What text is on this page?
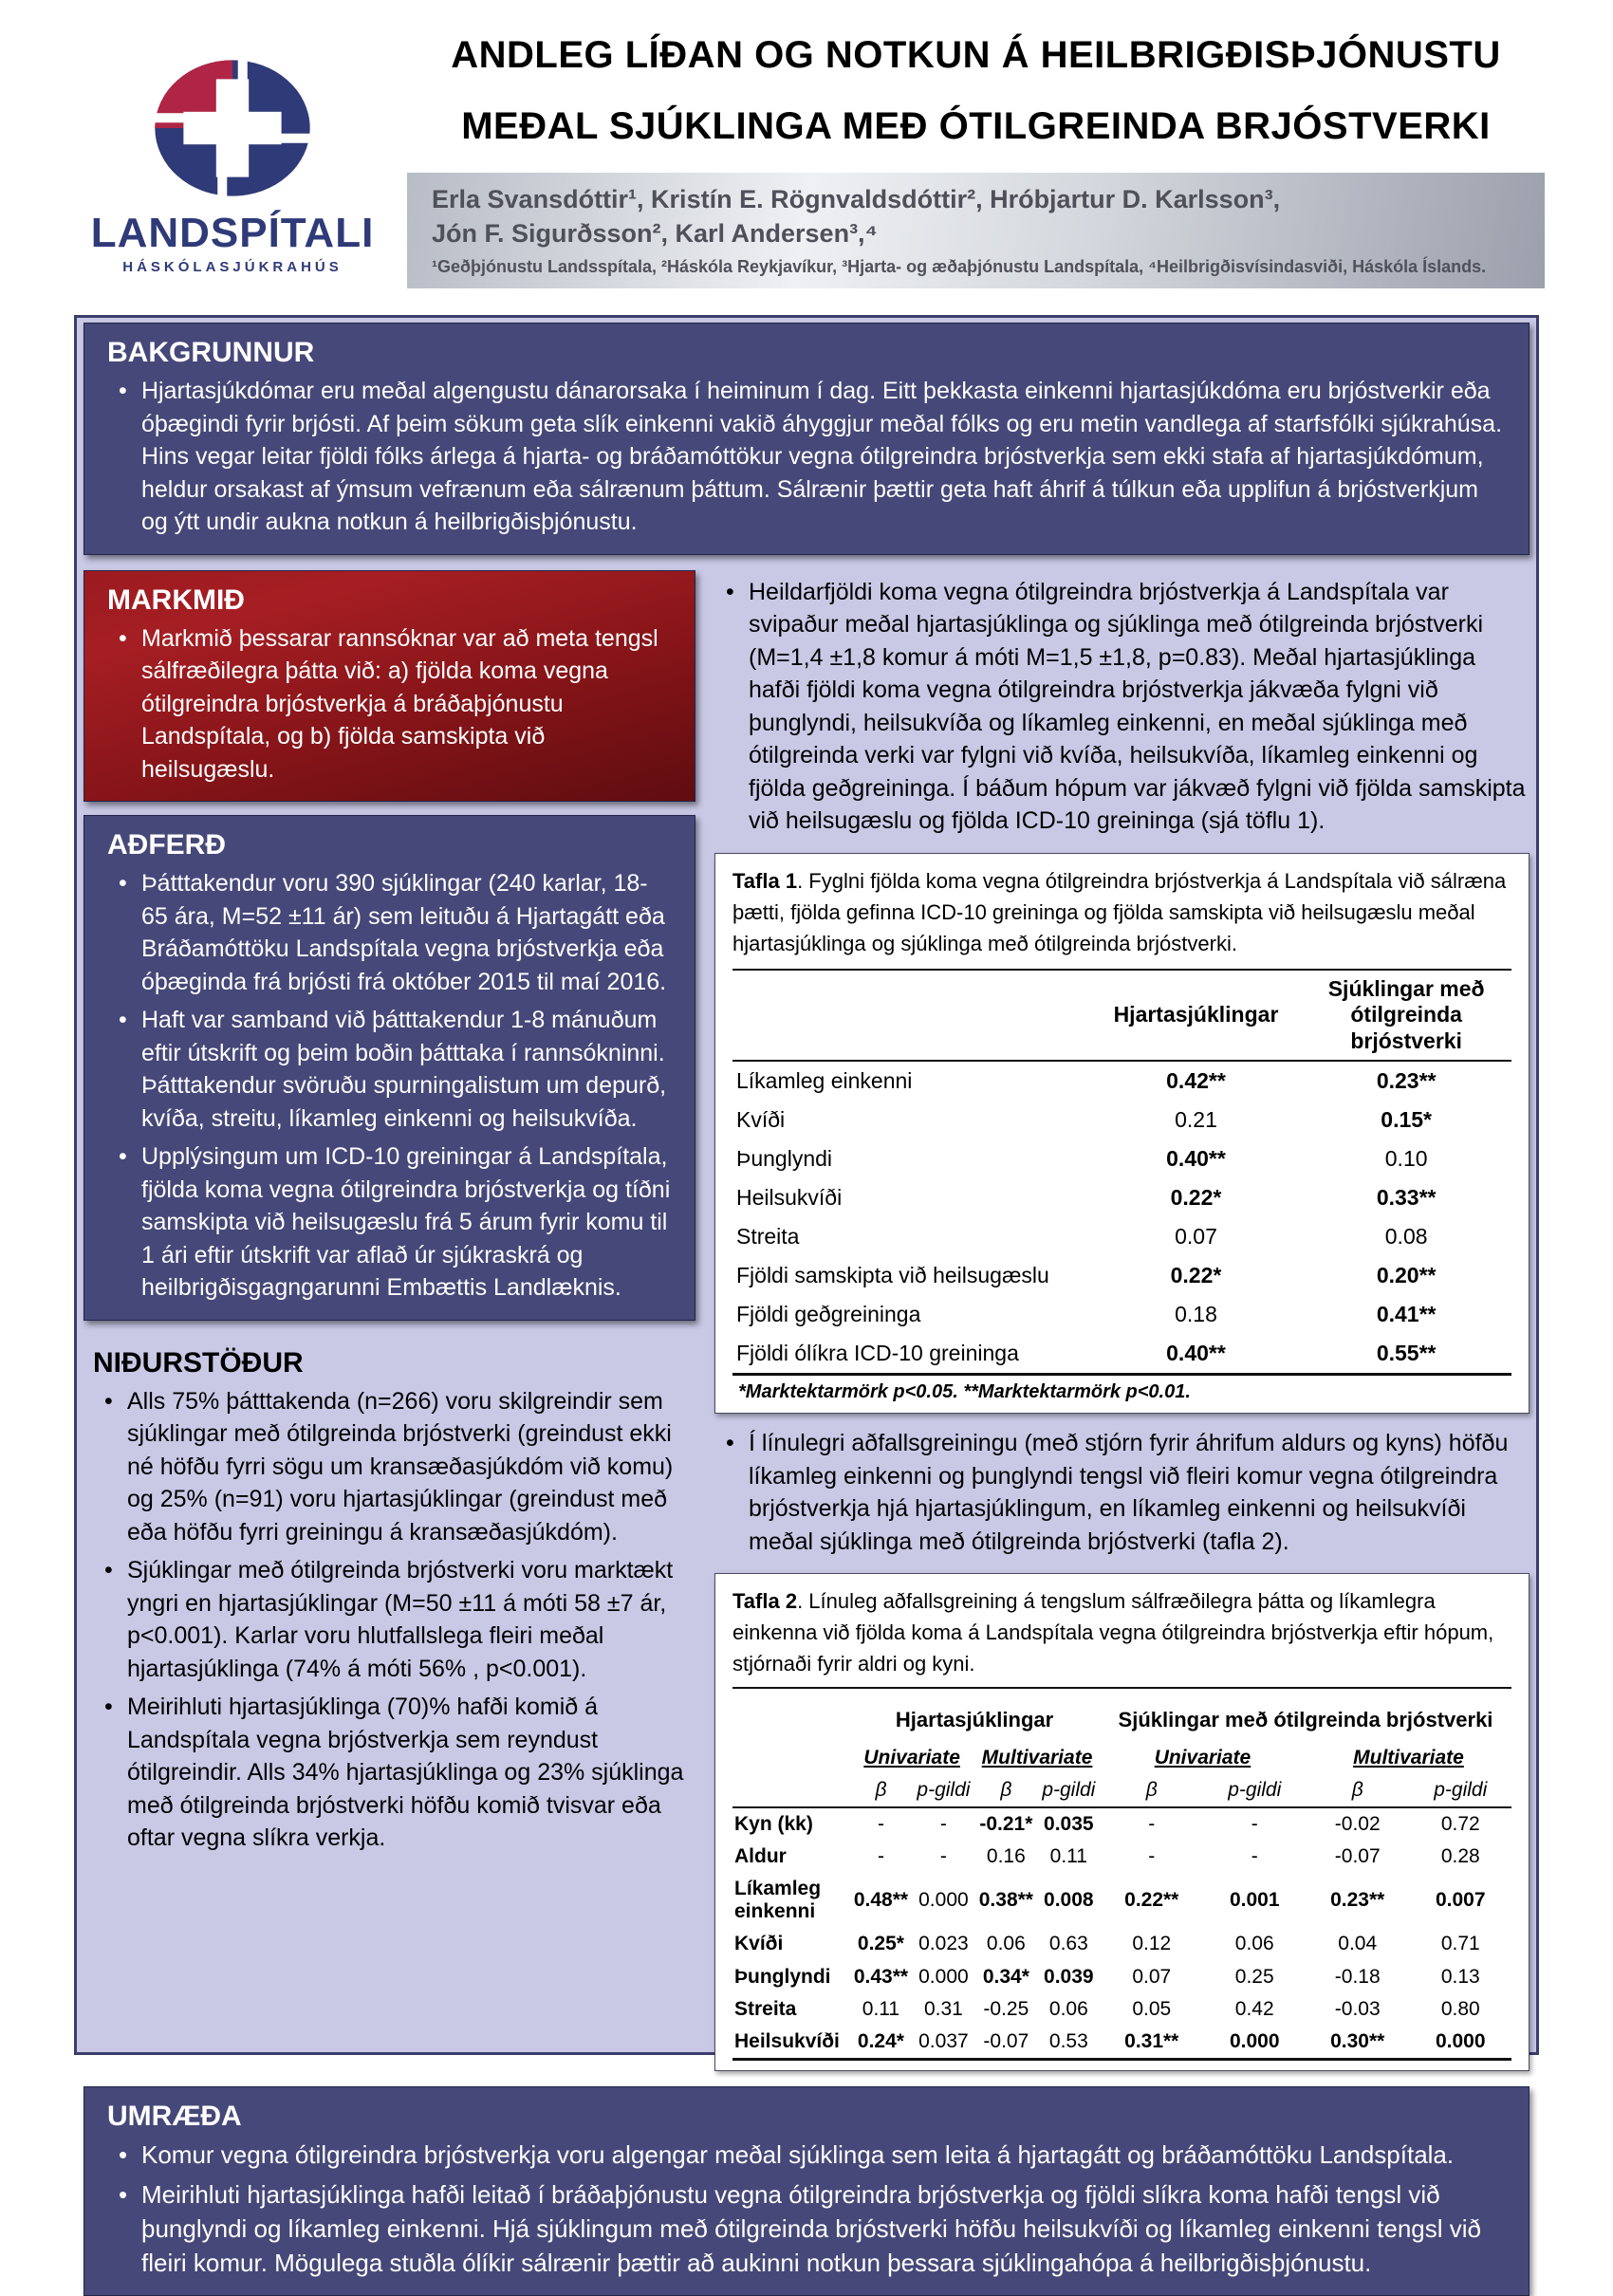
LANDSPÍTALI
HÁSKÓLASJÚKRAHÚS
ANDLEG LÍÐAN OG NOTKUN Á HEILBRIGÐISÞJÓNUSTU
MEÐAL SJÚKLINGA MEÐ ÓTILGREINDA BRJÓSTVERKI
Erla Svansdóttir¹, Kristín E. Rögnvaldsdóttir², Hróbjartur D. Karlsson³,
Jón F. Sigurðsson², Karl Andersen³,⁴
¹Geðþjónustu Landsspítala, ²Háskóla Reykjavíkur, ³Hjarta- og æðaþjónustu Landspítala, ⁴Heilbrigðisvísindasviði, Háskóla Íslands.
BAKGRUNNUR
• Hjartasjúkdómar eru meðal algengustu dánarorsaka í heiminum í dag. Eitt þekkasta einkenni hjartasjúkdóma eru brjóstverkir eða óþægindi fyrir brjósti. Af þeim sökum geta slík einkenni vakið áhyggjur meðal fólks og eru metin vandlega af starfsfólki sjúkrahúsa. Hins vegar leitar fjöldi fólks árlega á hjarta- og bráðamóttökur vegna ótilgreindra brjóstverkja sem ekki stafa af hjartasjúkdómum, heldur orsakast af ýmsum vefrænum eða sálrænum þáttum. Sálrænir þættir geta haft áhrif á túlkun eða upplifun á brjóstverkjum og ýtt undir aukna notkun á heilbrigðisþjónustu.
MARKMIÐ
• Markmið þessarar rannsóknar var að meta tengsl sálfræðilegra þátta við: a) fjölda koma vegna ótilgreindra brjóstverkja á bráðaþjónustu Landspítala, og b) fjölda samskipta við heilsugæslu.
AÐFERÐ
• Þátttakendur voru 390 sjúklingar (240 karlar, 18-65 ára, M=52 ±11 ár) sem leituðu á Hjartagátt eða Bráðamóttöku Landspítala vegna brjóstverkja eða óþæginda frá brjósti frá október 2015 til maí 2016.
• Haft var samband við þátttakendur 1-8 mánuðum eftir útskrift og þeim boðin þátttaka í rannsókninni. Þátttakendur svöruðu spurningalistum um depurð, kvíða, streitu, líkamleg einkenni og heilsukvíða.
• Upplýsingum um ICD-10 greiningar á Landspítala, fjölda koma vegna ótilgreindra brjóstverkja og tíðni samskipta við heilsugæslu frá 5 árum fyrir komu til 1 ári eftir útskrift var aflað úr sjúkraskrá og heilbrigðisgagngarunni Embættis Landlæknis.
NIÐURSTÖÐUR
• Alls 75% þátttakenda (n=266) voru skilgreindir sem sjúklingar með ótilgreinda brjóstverki (greindust ekki né höfðu fyrri sögu um kransæðasjúkdóm við komu) og 25% (n=91) voru hjartasjúklingar (greindust með eða höfðu fyrri greiningu á kransæðasjúkdóm).
• Sjúklingar með ótilgreinda brjóstverki voru marktækt yngri en hjartasjúklingar (M=50 ±11 á móti 58 ±7 ár, p<0.001). Karlar voru hlutfallslega fleiri meðal hjartasjúklinga (74% á móti 56% , p<0.001).
• Meirihluti hjartasjúklinga (70)% hafði komið á Landspítala vegna brjóstverkja sem reyndust ótilgreindir. Alls 34% hjartasjúklinga og 23% sjúklinga með ótilgreinda brjóstverki höfðu komið tvisvar eða oftar vegna slíkra verkja.
• Heildarfjöldi koma vegna ótilgreindra brjóstverkja á Landspítala var svipaður meðal hjartasjúklinga og sjúklinga með ótilgreinda brjóstverki (M=1,4 ±1,8 komur á móti M=1,5 ±1,8, p=0.83). Meðal hjartasjúklinga hafði fjöldi koma vegna ótilgreindra brjóstverkja jákvæða fylgni við þunglyndi, heilsukvíða og líkamleg einkenni, en meðal sjúklinga með ótilgreinda verki var fylgni við kvíða, heilsukvíða, líkamleg einkenni og fjölda geðgreininga. Í báðum hópum var jákvæð fylgni við fjölda samskipta við heilsugæslu og fjölda ICD-10 greininga (sjá töflu 1).
Tafla 1. Fyglni fjölda koma vegna ótilgreindra brjóstverkja á Landspítala við sálræna þætti, fjölda gefinna ICD-10 greininga og fjölda samskipta við heilsugæslu meðal hjartasjúklinga og sjúklinga með ótilgreinda brjóstverki.
	Hjartasjúklingar	Sjúklingar með ótilgreinda brjóstverki
Líkamleg einkenni	0.42**	0.23**
Kvíði	0.21	0.15*
Þunglyndi	0.40**	0.10
Heilsukvíði	0.22*	0.33**
Streita	0.07	0.08
Fjöldi samskipta við heilsugæslu	0.22*	0.20**
Fjöldi geðgreininga	0.18	0.41**
Fjöldi ólíkra ICD-10 greininga	0.40**	0.55**
*Marktektarmörk p<0.05. **Marktektarmörk p<0.01.
• Í línulegri aðfallsgreiningu (með stjórn fyrir áhrifum aldurs og kyns) höfðu líkamleg einkenni og þunglyndi tengsl við fleiri komur vegna ótilgreindra brjóstverkja hjá hjartasjúklingum, en líkamleg einkenni og heilsukvíði meðal sjúklinga með ótilgreinda brjóstverki (tafla 2).
Tafla 2. Línuleg aðfallsgreining á tengslum sálfræðilegra þátta og líkamlegra einkenna við fjölda koma á Landspítala vegna ótilgreindra brjóstverkja eftir hópum, stjórnaði fyrir aldri og kyni.
	Hjartasjúklingar				Sjúklingar með ótilgreinda brjóstverki			
	Univariate		Multivariate		Univariate		Multivariate	
	β	p-gildi	β	p-gildi	β	p-gildi	β	p-gildi
Kyn (kk)	-	-	-0.21*	0.035	-	-	-0.02	0.72
Aldur	-	-	0.16	0.11	-	-	-0.07	0.28
Líkamleg einkenni	0.48**	0.000	0.38**	0.008	0.22**	0.001	0.23**	0.007
Kvíði	0.25*	0.023	0.06	0.63	0.12	0.06	0.04	0.71
Þunglyndi	0.43**	0.000	0.34*	0.039	0.07	0.25	-0.18	0.13
Streita	0.11	0.31	-0.25	0.06	0.05	0.42	-0.03	0.80
Heilsukvíði	0.24*	0.037	-0.07	0.53	0.31**	0.000	0.30**	0.000
UMRÆÐA
• Komur vegna ótilgreindra brjóstverkja voru algengar meðal sjúklinga sem leita á hjartagátt og bráðamóttöku Landspítala.
• Meirihluti hjartasjúklinga hafði leitað í bráðaþjónustu vegna ótilgreindra brjóstverkja og fjöldi slíkra koma hafði tengsl við þunglyndi og líkamleg einkenni. Hjá sjúklingum með ótilgreinda brjóstverki höfðu heilsukvíði og líkamleg einkenni tengsl við fleiri komur. Mögulega stuðla ólíkir sálrænir þættir að aukinni notkun þessara sjúklingahópa á heilbrigðisþjónustu.
